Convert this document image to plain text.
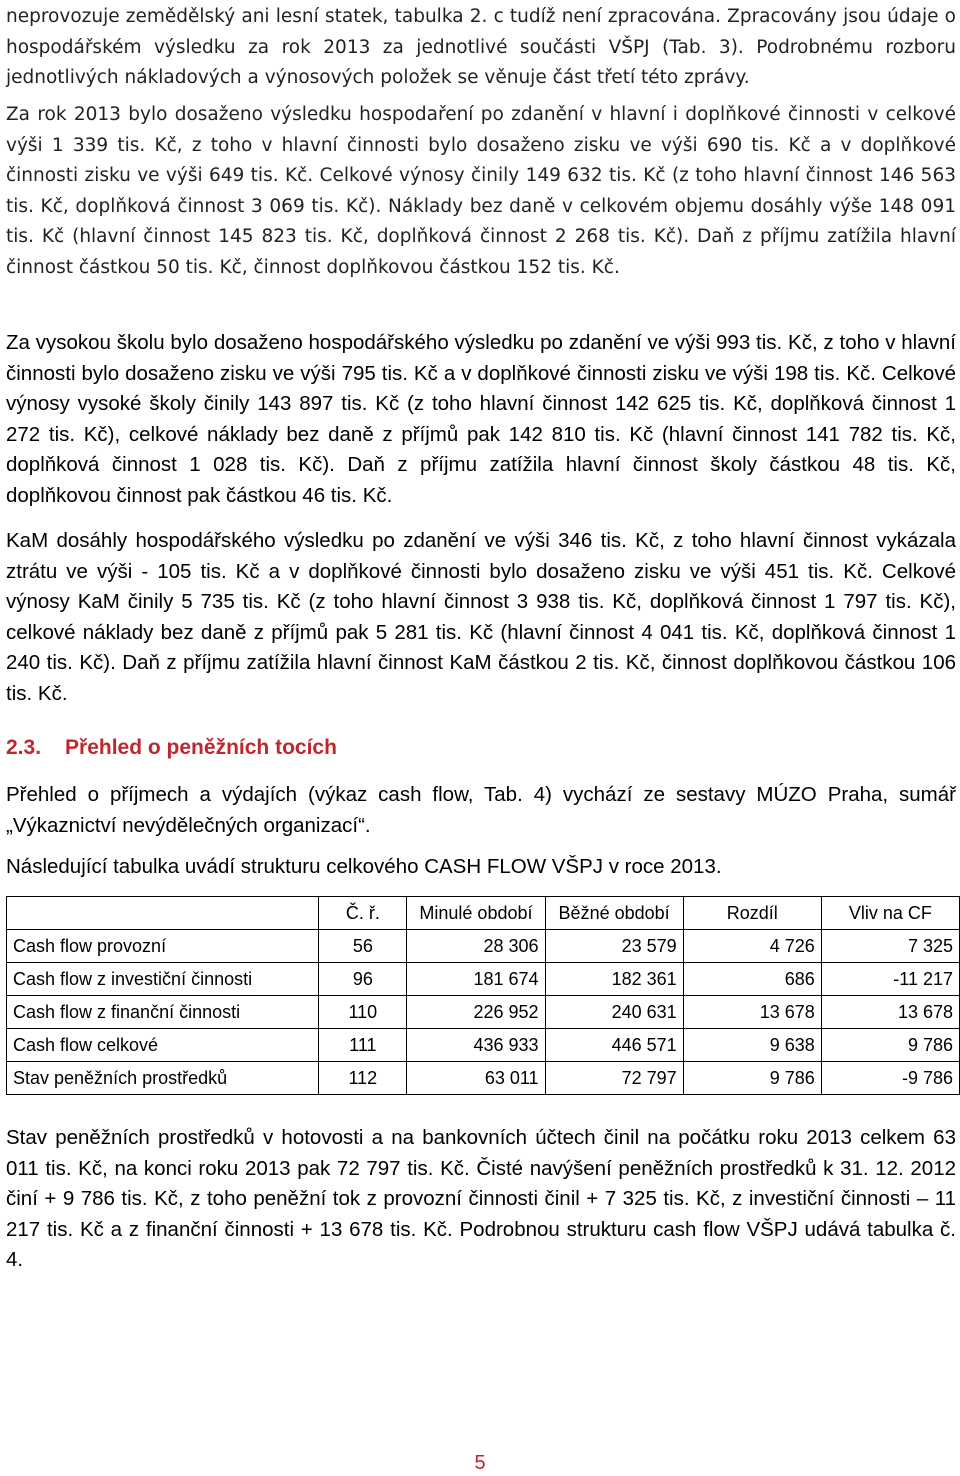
neprovozuje zemědělský ani lesní statek, tabulka 2. c tudíž není zpracována. Zpracovány jsou údaje o hospodářském výsledku za rok 2013 za jednotlivé součásti VŠPJ (Tab. 3). Podrobnému rozboru jednotlivých nákladových a výnosových položek se věnuje část třetí této zprávy.

Za rok 2013 bylo dosaženo výsledku hospodaření po zdanění v hlavní i doplňkové činnosti v celkové výši 1 339 tis. Kč, z toho v hlavní činnosti bylo dosaženo zisku ve výši 690 tis. Kč a v doplňkové činnosti zisku ve výši 649 tis. Kč. Celkové výnosy činily 149 632 tis. Kč (z toho hlavní činnost 146 563 tis. Kč, doplňková činnost 3 069 tis. Kč). Náklady bez daně v celkovém objemu dosáhly výše 148 091 tis. Kč (hlavní činnost 145 823 tis. Kč, doplňková činnost 2 268 tis. Kč). Daň z příjmu zatížila hlavní činnost částkou 50 tis. Kč, činnost doplňkovou částkou 152 tis. Kč.

Za vysokou školu bylo dosaženo hospodářského výsledku po zdanění ve výši 993 tis. Kč, z toho v hlavní činnosti bylo dosaženo zisku ve výši 795 tis. Kč a v doplňkové činnosti zisku ve výši 198 tis. Kč. Celkové výnosy vysoké školy činily 143 897 tis. Kč (z toho hlavní činnost 142 625 tis. Kč, doplňková činnost 1 272 tis. Kč), celkové náklady bez daně z příjmů pak 142 810 tis. Kč (hlavní činnost 141 782 tis. Kč, doplňková činnost 1 028 tis. Kč). Daň z příjmu zatížila hlavní činnost školy částkou 48 tis. Kč, doplňkovou činnost pak částkou 46 tis. Kč.

KaM dosáhly hospodářského výsledku po zdanění ve výši 346 tis. Kč, z toho hlavní činnost vykázala ztrátu ve výši - 105 tis. Kč a v doplňkové činnosti bylo dosaženo zisku ve výši 451 tis. Kč. Celkové výnosy KaM činily 5 735 tis. Kč (z toho hlavní činnost 3 938 tis. Kč, doplňková činnost 1 797 tis. Kč), celkové náklady bez daně z příjmů pak 5 281 tis. Kč (hlavní činnost 4 041 tis. Kč, doplňková činnost 1 240 tis. Kč). Daň z příjmu zatížila hlavní činnost KaM částkou 2 tis. Kč, činnost doplňkovou částkou 106 tis. Kč.

2.3. Přehled o peněžních tocích

Přehled o příjmech a výdajích (výkaz cash flow, Tab. 4) vychází ze sestavy MÚZO Praha, sumář „Výkaznictví nevýdělečných organizací“.

Následující tabulka uvádí strukturu celkového CASH FLOW VŠPJ v roce 2013.

	Č. ř.	Minulé období	Běžné období	Rozdíl	Vliv na CF
Cash flow provozní	56	28 306	23 579	4 726	7 325
Cash flow z investiční činnosti	96	181 674	182 361	686	-11 217
Cash flow z finanční činnosti	110	226 952	240 631	13 678	13 678
Cash flow celkové	111	436 933	446 571	9 638	9 786
Stav peněžních prostředků	112	63 011	72 797	9 786	-9 786

Stav peněžních prostředků v hotovosti a na bankovních účtech činil na počátku roku 2013 celkem 63 011 tis. Kč, na konci roku 2013 pak 72 797 tis. Kč. Čisté navýšení peněžních prostředků k 31. 12. 2012 činí + 9 786 tis. Kč, z toho peněžní tok z provozní činnosti činil + 7 325 tis. Kč, z investiční činnosti – 11 217 tis. Kč a z finanční činnosti + 13 678 tis. Kč. Podrobnou strukturu cash flow VŠPJ udává tabulka č. 4.

5
